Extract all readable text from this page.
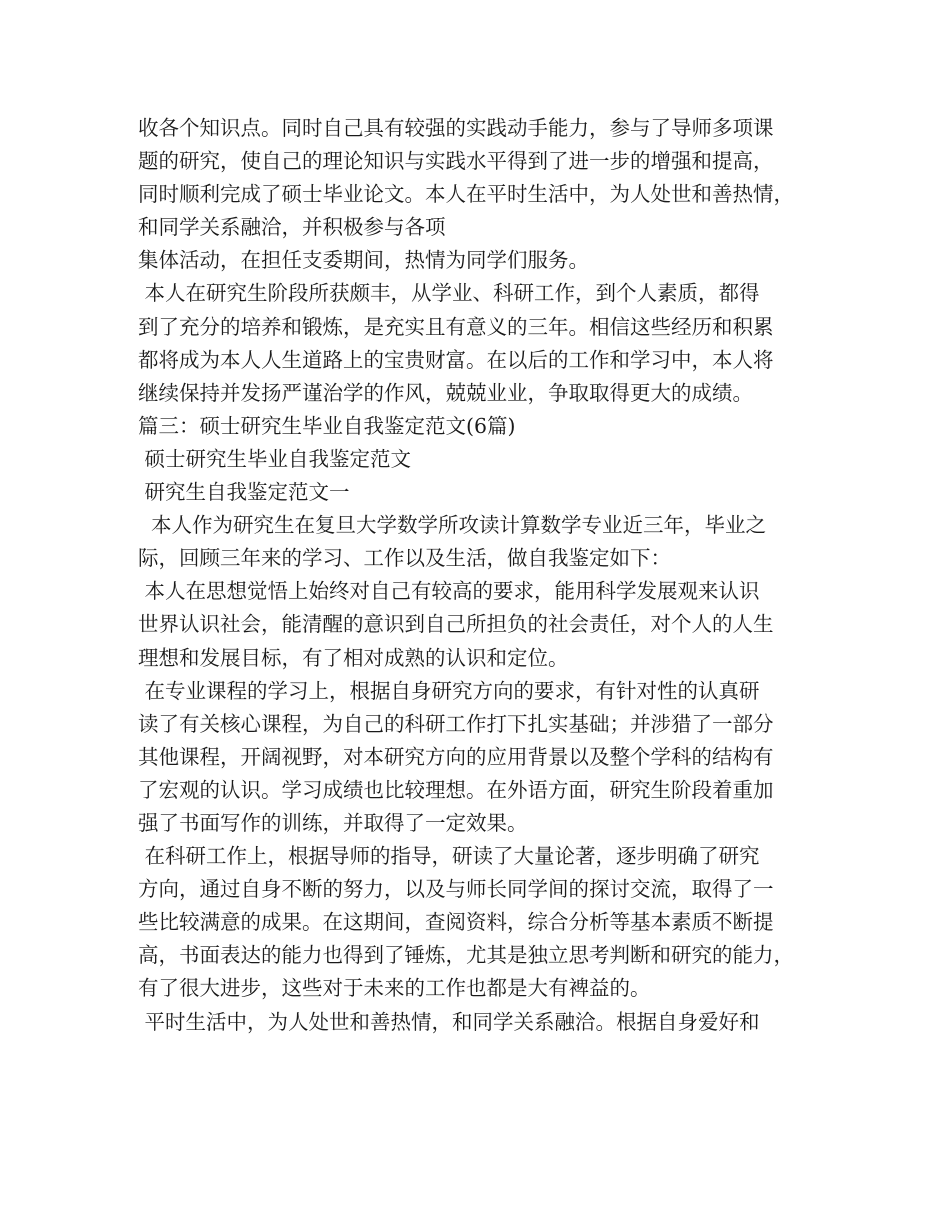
收各个知识点。同时自己具有较强的实践动手能力，参与了导师多项课
题的研究，使自己的理论知识与实践水平得到了进一步的增强和提高，
同时顺利完成了硕士毕业论文。本人在平时生活中，为人处世和善热情，
和同学关系融洽，并积极参与各项
集体活动，在担任支委期间，热情为同学们服务。
本人在研究生阶段所获颇丰，从学业、科研工作，到个人素质，都得
到了充分的培养和锻炼，是充实且有意义的三年。相信这些经历和积累
都将成为本人人生道路上的宝贵财富。在以后的工作和学习中，本人将
继续保持并发扬严谨治学的作风，兢兢业业，争取取得更大的成绩。
篇三：硕士研究生毕业自我鉴定范文(6篇)
硕士研究生毕业自我鉴定范文
研究生自我鉴定范文一
本人作为研究生在复旦大学数学所攻读计算数学专业近三年，毕业之
际，回顾三年来的学习、工作以及生活，做自我鉴定如下：
本人在思想觉悟上始终对自己有较高的要求，能用科学发展观来认识
世界认识社会，能清醒的意识到自己所担负的社会责任，对个人的人生
理想和发展目标，有了相对成熟的认识和定位。
在专业课程的学习上，根据自身研究方向的要求，有针对性的认真研
读了有关核心课程，为自己的科研工作打下扎实基础；并涉猎了一部分
其他课程，开阔视野，对本研究方向的应用背景以及整个学科的结构有
了宏观的认识。学习成绩也比较理想。在外语方面，研究生阶段着重加
强了书面写作的训练，并取得了一定效果。
在科研工作上，根据导师的指导，研读了大量论著，逐步明确了研究
方向，通过自身不断的努力，以及与师长同学间的探讨交流，取得了一
些比较满意的成果。在这期间，查阅资料，综合分析等基本素质不断提
高，书面表达的能力也得到了锤炼，尤其是独立思考判断和研究的能力，
有了很大进步，这些对于未来的工作也都是大有裨益的。
平时生活中，为人处世和善热情，和同学关系融洽。根据自身爱好和
